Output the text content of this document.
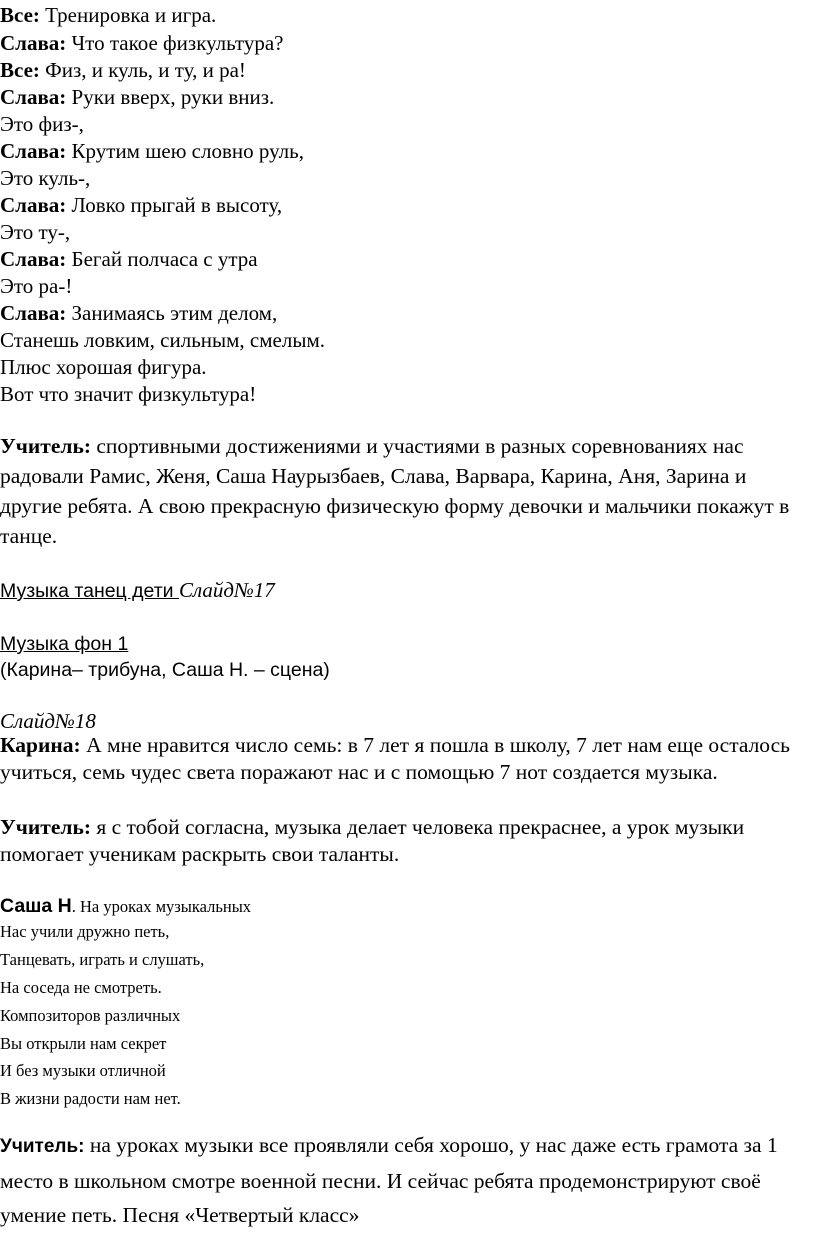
Все: Тренировка и игра.
Слава: Что такое физкультура?
Все: Физ, и куль, и ту, и ра!
Слава: Руки вверх, руки вниз.
Это физ-,
Слава: Крутим шею словно руль,
Это куль-,
Слава: Ловко прыгай в высоту,
Это ту-,
Слава: Бегай полчаса с утра
Это ра-!
Слава: Занимаясь этим делом,
Станешь ловким, сильным, смелым.
Плюс хорошая фигура.
Вот что значит физкультура!
Учитель: спортивными достижениями и участиями в разных соревнованиях нас радовали Рамис, Женя, Саша Наурызбаев, Слава, Варвара, Карина, Аня, Зарина и другие ребята. А свою прекрасную физическую форму девочки и мальчики покажут в танце.
Музыка танец дети Слайд№17
Музыка фон 1
(Карина– трибуна, Саша Н. – сцена)
Слайд№18
Карина: А мне нравится число семь: в 7 лет я пошла в школу, 7 лет нам еще осталось учиться, семь чудес света поражают нас и с помощью 7 нот создается музыка.
Учитель: я с тобой согласна, музыка делает человека прекраснее, а урок музыки помогает ученикам раскрыть свои таланты.
Саша Н. На уроках музыкальных
Нас учили дружно петь,
Танцевать, играть и слушать,
На соседа не смотреть.
Композиторов различных
Вы открыли нам секрет
И без музыки отличной
В жизни радости нам нет.
Учитель: на уроках музыки все проявляли себя хорошо, у нас даже есть грамота за 1 место в школьном смотре военной песни. И сейчас ребята продемонстрируют своё умение петь. Песня «Четвертый класс»
